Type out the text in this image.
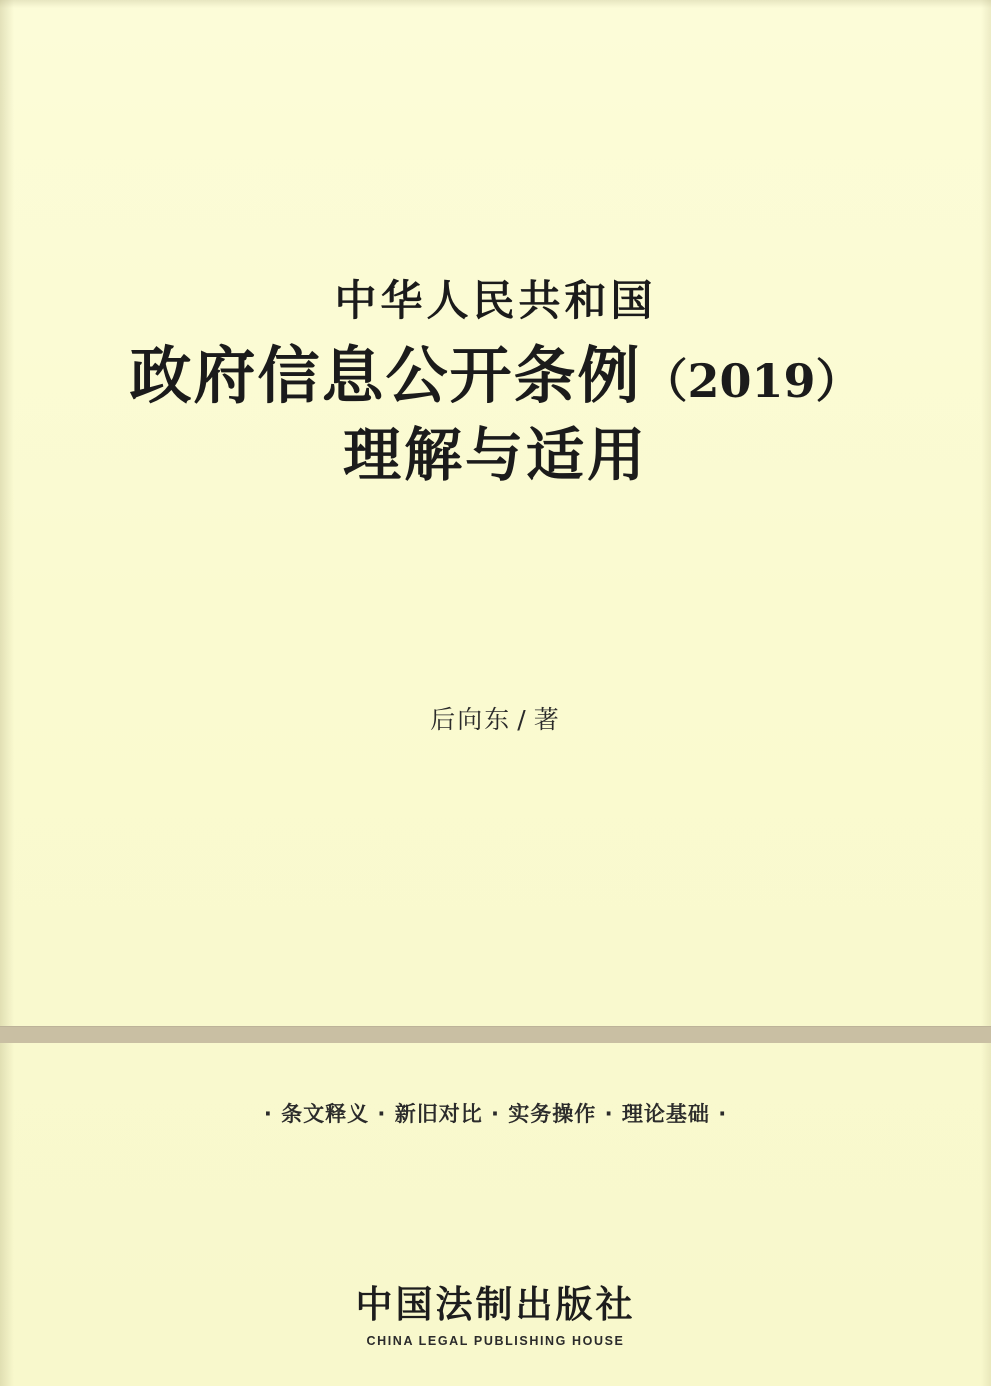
中华人民共和国
政府信息公开条例（2019）
理解与适用
后向东 / 著
· 条文释义 · 新旧对比 · 实务操作 · 理论基础 ·
中国法制出版社
CHINA LEGAL PUBLISHING HOUSE
